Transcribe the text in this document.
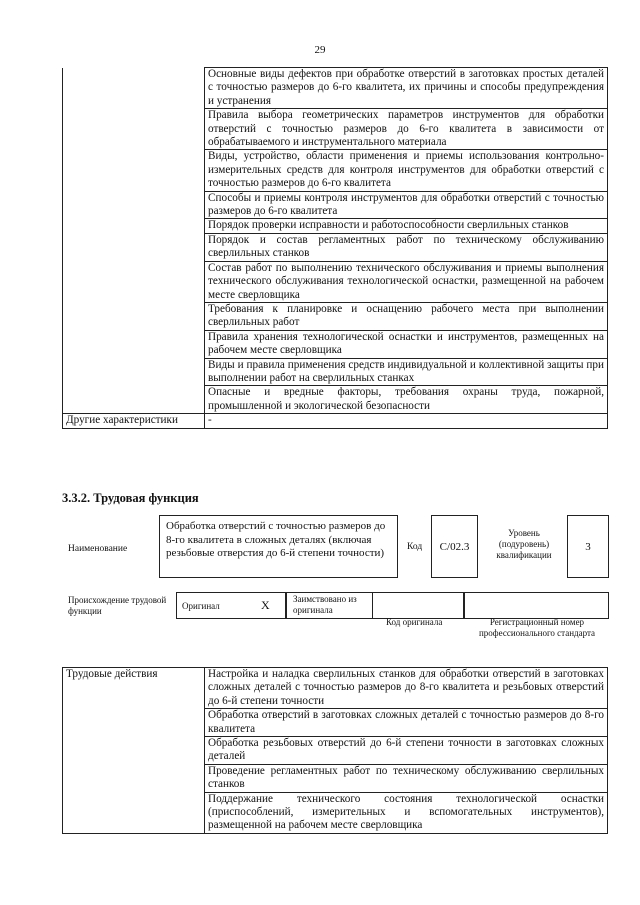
29
	Основные виды дефектов при обработке отверстий в заготовках простых деталей с точностью размеров до 6-го квалитета, их причины и способы предупреждения и устранения
	Правила выбора геометрических параметров инструментов для обработки отверстий с точностью размеров до 6-го квалитета в зависимости от обрабатываемого и инструментального материала
	Виды, устройство, области применения и приемы использования контрольно-измерительных средств для контроля инструментов для обработки отверстий с точностью размеров до 6-го квалитета
	Способы и приемы контроля инструментов для обработки отверстий с точностью размеров до 6-го квалитета
	Порядок проверки исправности и работоспособности сверлильных станков
	Порядок и состав регламентных работ по техническому обслуживанию сверлильных станков
	Состав работ по выполнению технического обслуживания и приемы выполнения технического обслуживания технологической оснастки, размещенной на рабочем месте сверловщика
	Требования к планировке и оснащению рабочего места при выполнении сверлильных работ
	Правила хранения технологической оснастки и инструментов, размещенных на рабочем месте сверловщика
	Виды и правила применения средств индивидуальной и коллективной защиты при выполнении работ на сверлильных станках
	Опасные и вредные факторы, требования охраны труда, пожарной, промышленной и экологической безопасности
Другие характеристики	-
3.3.2. Трудовая функция
Наименование
Обработка отверстий с точностью размеров до 8-го квалитета в сложных деталях (включая резьбовые отверстия до 6-й степени точности)
Код	С/02.3
Уровень (подуровень) квалификации
3
Происхождение трудовой функции	Оригинал	X	Заимствовано из оригинала
Код оригинала	Регистрационный номер профессионального стандарта
Трудовые действия	Настройка и наладка сверлильных станков для обработки отверстий в заготовках сложных деталей с точностью размеров до 8-го квалитета и резьбовых отверстий до 6-й степени точности
Обработка отверстий в заготовках сложных деталей с точностью размеров до 8-го квалитета
Обработка резьбовых отверстий до 6-й степени точности в заготовках сложных деталей
Проведение регламентных работ по техническому обслуживанию сверлильных станков
Поддержание технического состояния технологической оснастки (приспособлений, измерительных и вспомогательных инструментов), размещенной на рабочем месте сверловщика
